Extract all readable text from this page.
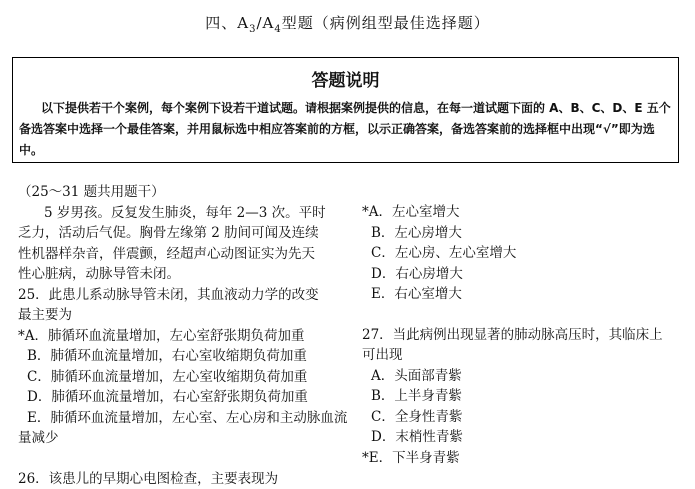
四、$A_3/A_4$型题（病例组型最佳选择题）
答题说明
以下提供若干个案例，每个案例下设若干道试题。请根据案例提供的信息，在每一道试题下面的 A、B、C、D、E 五个备选答案中选择一个最佳答案，并用鼠标选中相应答案前的方框，以示正确答案，备选答案前的选择框中出现“√”即为选中。
（25～31 题共用题干）
5 岁男孩。反复发生肺炎，每年 2—3 次。平时
乏力，活动后气促。胸骨左缘第 2 肋间可闻及连续
性机器样杂音，伴震颤，经超声心动图证实为先天
性心脏病，动脉导管未闭。
25．此患儿系动脉导管未闭，其血液动力学的改变
最主要为
*A．肺循环血流量增加，左心室舒张期负荷加重
B．肺循环血流量增加，右心室收缩期负荷加重
C．肺循环血流量增加，左心室收缩期负荷加重
D．肺循环血流量增加，右心室舒张期负荷加重
E．肺循环血流量增加，左心室、左心房和主动脉血流
量减少
26．该患儿的早期心电图检查，主要表现为
*A．左心室增大
B．左心房增大
C．左心房、左心室增大
D．右心房增大
E．右心室增大
27．当此病例出现显著的肺动脉高压时，其临床上
可出现
A．头面部青紫
B．上半身青紫
C．全身性青紫
D．末梢性青紫
*E．下半身青紫
